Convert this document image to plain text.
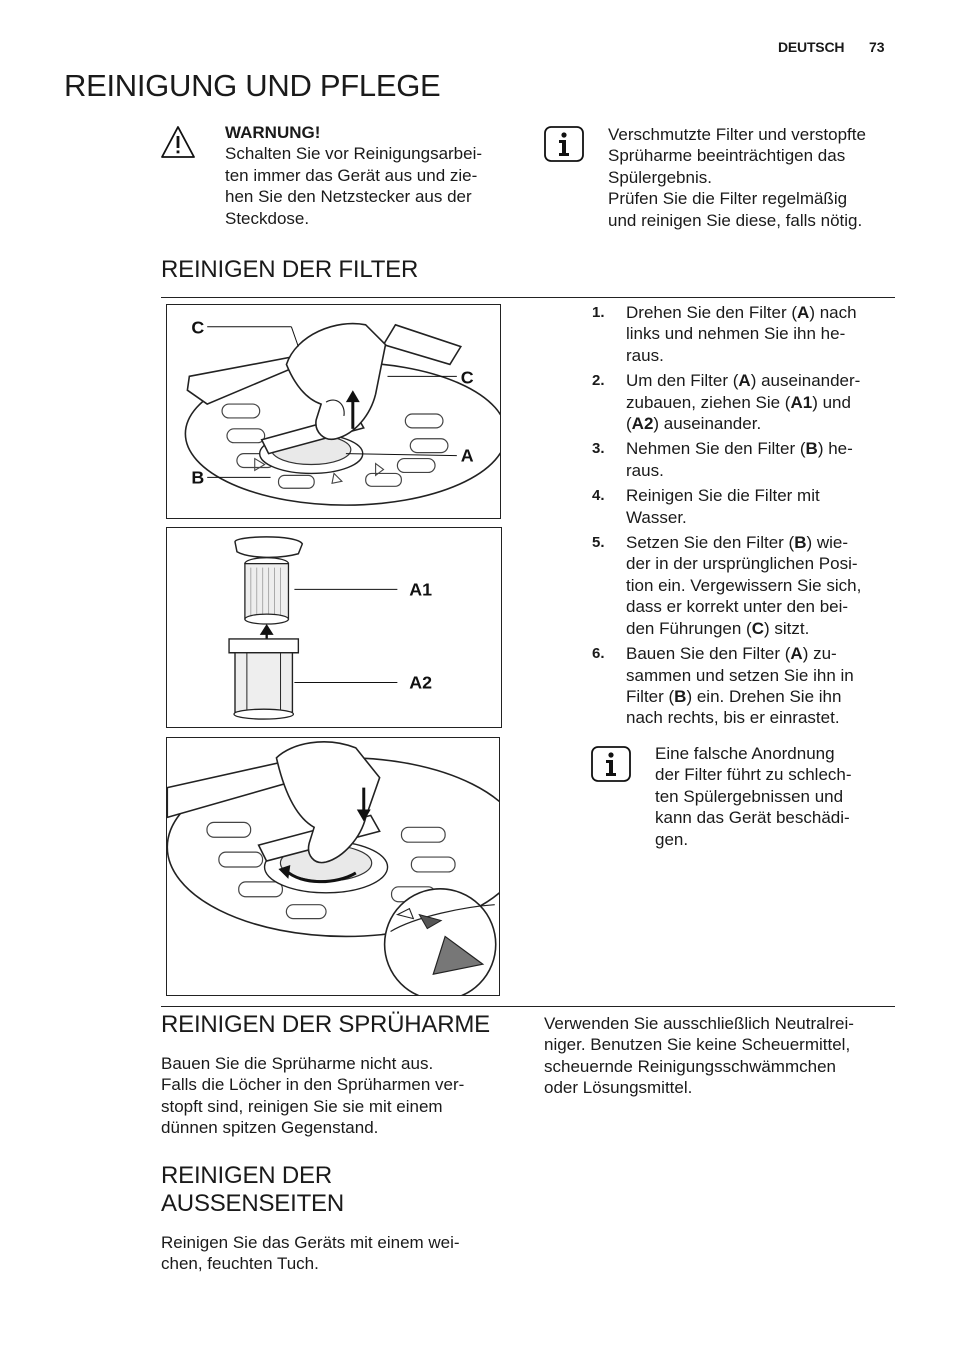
DEUTSCH 73
REINIGUNG UND PFLEGE
WARNUNG!
Schalten Sie vor Reinigungsarbei-
ten immer das Gerät aus und zie-
hen Sie den Netzstecker aus der
Steckdose.
Verschmutzte Filter und verstopfte
Sprüharme beeinträchtigen das
Spülergebnis.
Prüfen Sie die Filter regelmäßig
und reinigen Sie diese, falls nötig.
REINIGEN DER FILTER
C
C
A
B
A1
A2
1. Drehen Sie den Filter (A) nach
links und nehmen Sie ihn he-
raus.
2. Um den Filter (A) auseinander-
zubauen, ziehen Sie (A1) und
(A2) auseinander.
3. Nehmen Sie den Filter (B) he-
raus.
4. Reinigen Sie die Filter mit
Wasser.
5. Setzen Sie den Filter (B) wie-
der in der ursprünglichen Posi-
tion ein. Vergewissern Sie sich,
dass er korrekt unter den bei-
den Führungen (C) sitzt.
6. Bauen Sie den Filter (A) zu-
sammen und setzen Sie ihn in
Filter (B) ein. Drehen Sie ihn
nach rechts, bis er einrastet.
Eine falsche Anordnung
der Filter führt zu schlech-
ten Spülergebnissen und
kann das Gerät beschädi-
gen.
REINIGEN DER SPRÜHARME
Bauen Sie die Sprüharme nicht aus.
Falls die Löcher in den Sprüharmen ver-
stopft sind, reinigen Sie sie mit einem
dünnen spitzen Gegenstand.
REINIGEN DER
AUSSENSEITEN
Reinigen Sie das Geräts mit einem wei-
chen, feuchten Tuch.
Verwenden Sie ausschließlich Neutralrei-
niger. Benutzen Sie keine Scheuermittel,
scheuernde Reinigungsschwämmchen
oder Lösungsmittel.
